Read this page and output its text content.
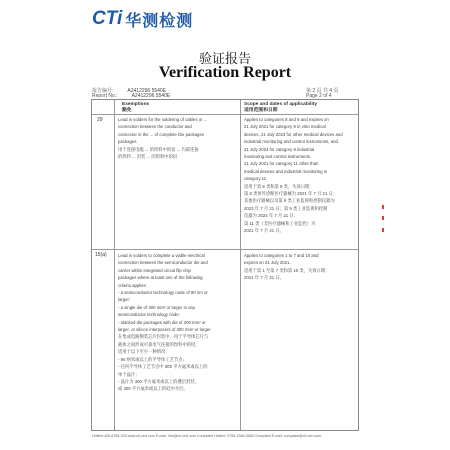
CTi 华测检测
验证报告
Verification Report
报告编号:	A2412296 5540E
Report No.:	A2412296 5540E
第 2 页 共 4 页
Page 2 of 4
Exemptions
豁免
Scope and dates of applicability
适用范围和日期
29	Lead in solders for the soldering of cables or ...
connection between the conductor and
connector in the ... of complete Die packages
packages.
用于连接电缆 ... 的焊料中的铅 ... 内部连接
的焊料 ... 封装 ... 的焊料中的铅
Applies to categories 8 and 9 and expires on
21 July 2021 for category 8 in vitro medical
devices, 21 July 2023 for other medical devices and
industrial monitoring and control instruments, and
21 July 2024 for category 9 industrial
monitoring and control instruments.
21 July 2021 for category 11 other than
medical devices and industrial monitoring in
category 11
适用于第 8 类和第 9 类，失效日期：
第 8 类体外诊断医疗器械为 2021 年 7 月 21 日；
其他医疗器械以及第 9 类工业监视和控制仪器为
2023 年 7 月 21 日；第 9 类工业监视和控制
仪器为 2024 年 7 月 21 日；
第 11 类（非医疗器械和工业监控）为
2021 年 7 月 21 日。
15(a)	Lead in solders to complete a viable electrical
connection between the semiconductor die and
carrier within integrated circuit flip chip
packages where at least one of the following
criteria applies:
- a semiconductor technology node of 90 nm or
larger;
- a single die of 300 mm² or larger in any
semiconductor technology node;
- stacked die packages with die of 300 mm² or
larger, or silicon interposers of 300 mm² or larger.
在集成电路倒装芯片封装中，用于半导体芯片与
载体之间形成可靠电气连接的焊料中的铅，
适用于以下至少一种情况：
- 90 纳米或以上的半导体工艺节点；
- 任何半导体工艺节点中 300 平方毫米或以上的
单个晶片；
- 晶片为 300 平方毫米或以上的叠层封装，
或 300 平方毫米或以上的硅中介层。
Applies to categories 1 to 7 and 10 and
expires on 21 July 2021.
适用于第 1 至第 7 类和第 10 类，失效日期：
2021 年 7 月 21 日。
Hotline:400-6788-333 www.cti-cert.com E-mail: info@cti-cert.com Complaint Hotline: 0755-3368 3666 Complaint E-mail: complaint@cti-cert.com
